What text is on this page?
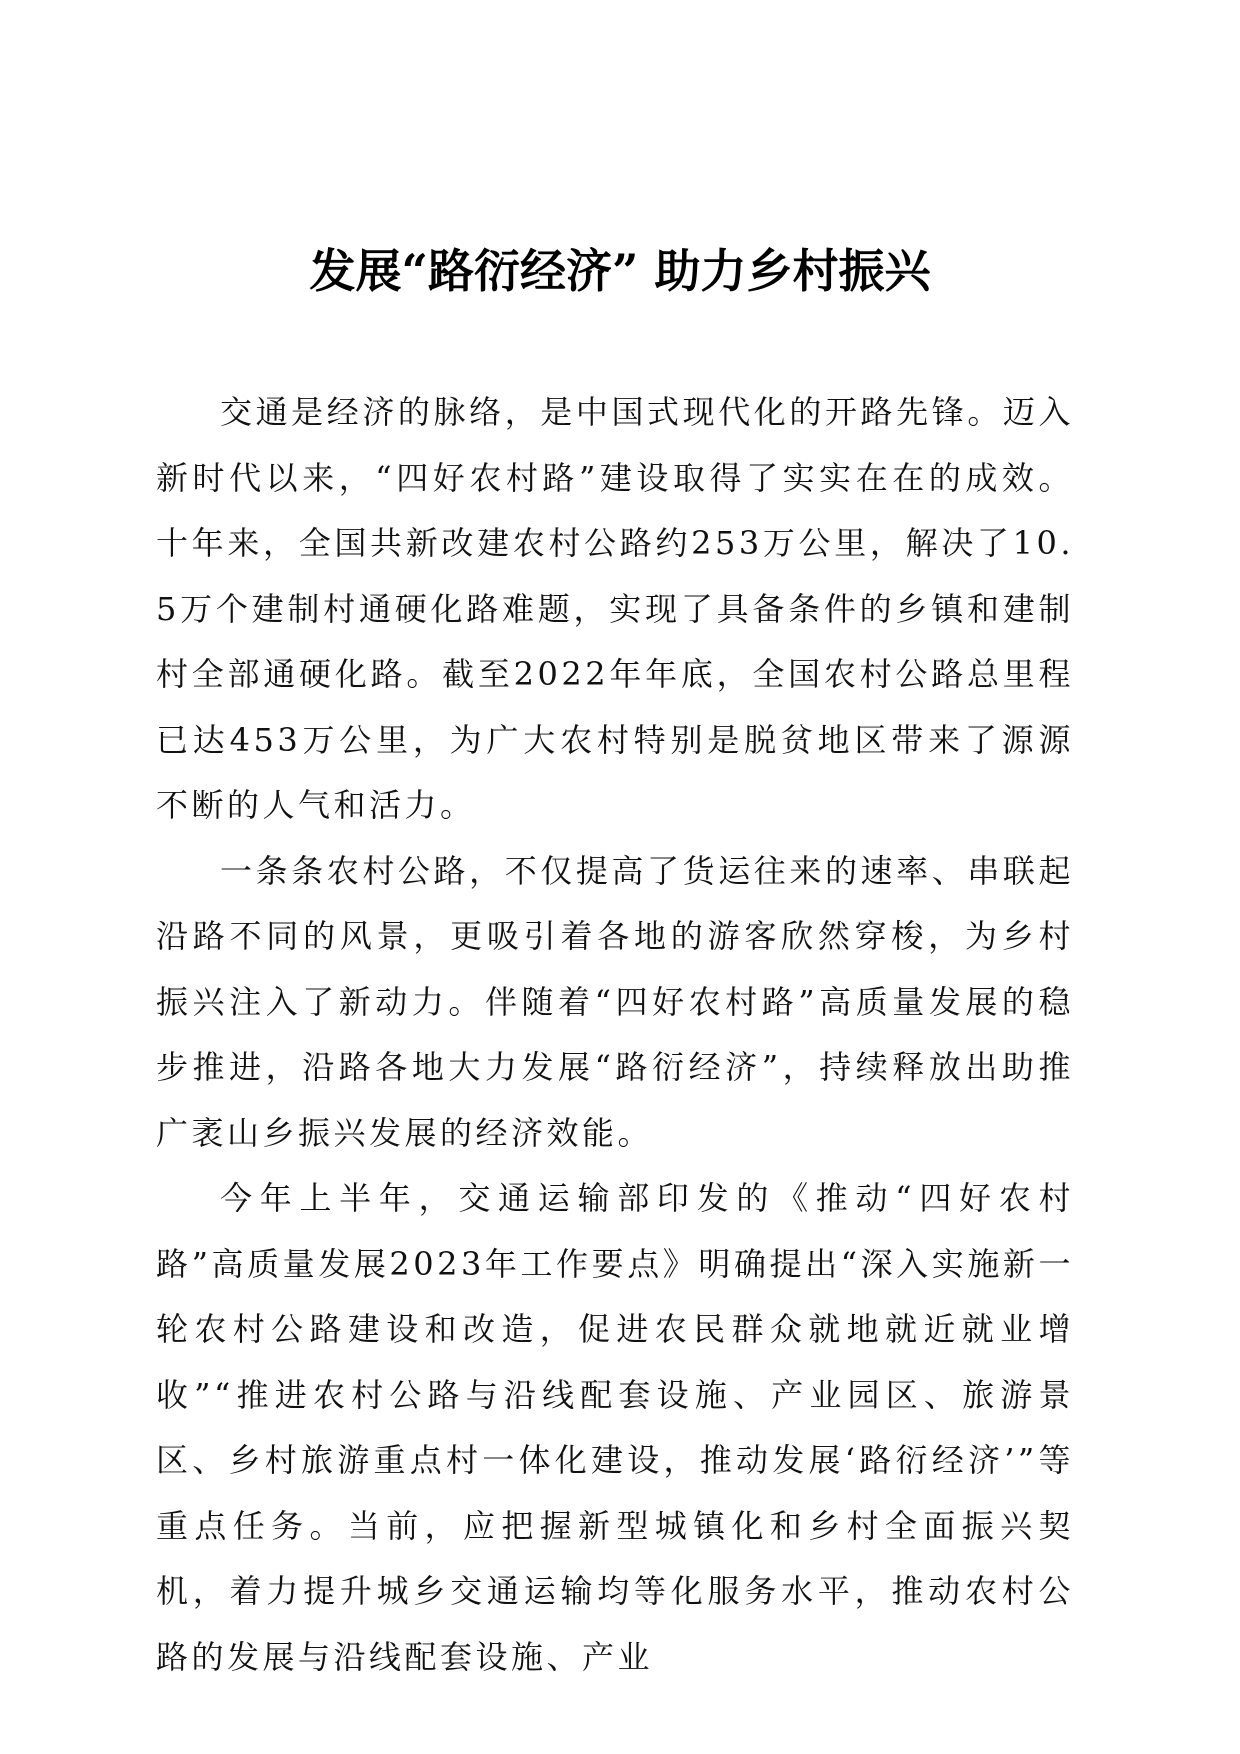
发展“路衍经济” 助力乡村振兴

交通是经济的脉络，是中国式现代化的开路先锋。迈入新时代以来，“四好农村路”建设取得了实实在在的成效。十年来，全国共新改建农村公路约253万公里，解决了10.5万个建制村通硬化路难题，实现了具备条件的乡镇和建制村全部通硬化路。截至2022年年底，全国农村公路总里程已达453万公里，为广大农村特别是脱贫地区带来了源源不断的人气和活力。

一条条农村公路，不仅提高了货运往来的速率、串联起沿路不同的风景，更吸引着各地的游客欣然穿梭，为乡村振兴注入了新动力。伴随着“四好农村路”高质量发展的稳步推进，沿路各地大力发展“路衍经济”，持续释放出助推广袤山乡振兴发展的经济效能。

今年上半年，交通运输部印发的《推动“四好农村路”高质量发展2023年工作要点》明确提出“深入实施新一轮农村公路建设和改造，促进农民群众就地就近就业增收”“推进农村公路与沿线配套设施、产业园区、旅游景区、乡村旅游重点村一体化建设，推动发展‘路衍经济’”等重点任务。当前，应把握新型城镇化和乡村全面振兴契机，着力提升城乡交通运输均等化服务水平，推动农村公路的发展与沿线配套设施、产业
